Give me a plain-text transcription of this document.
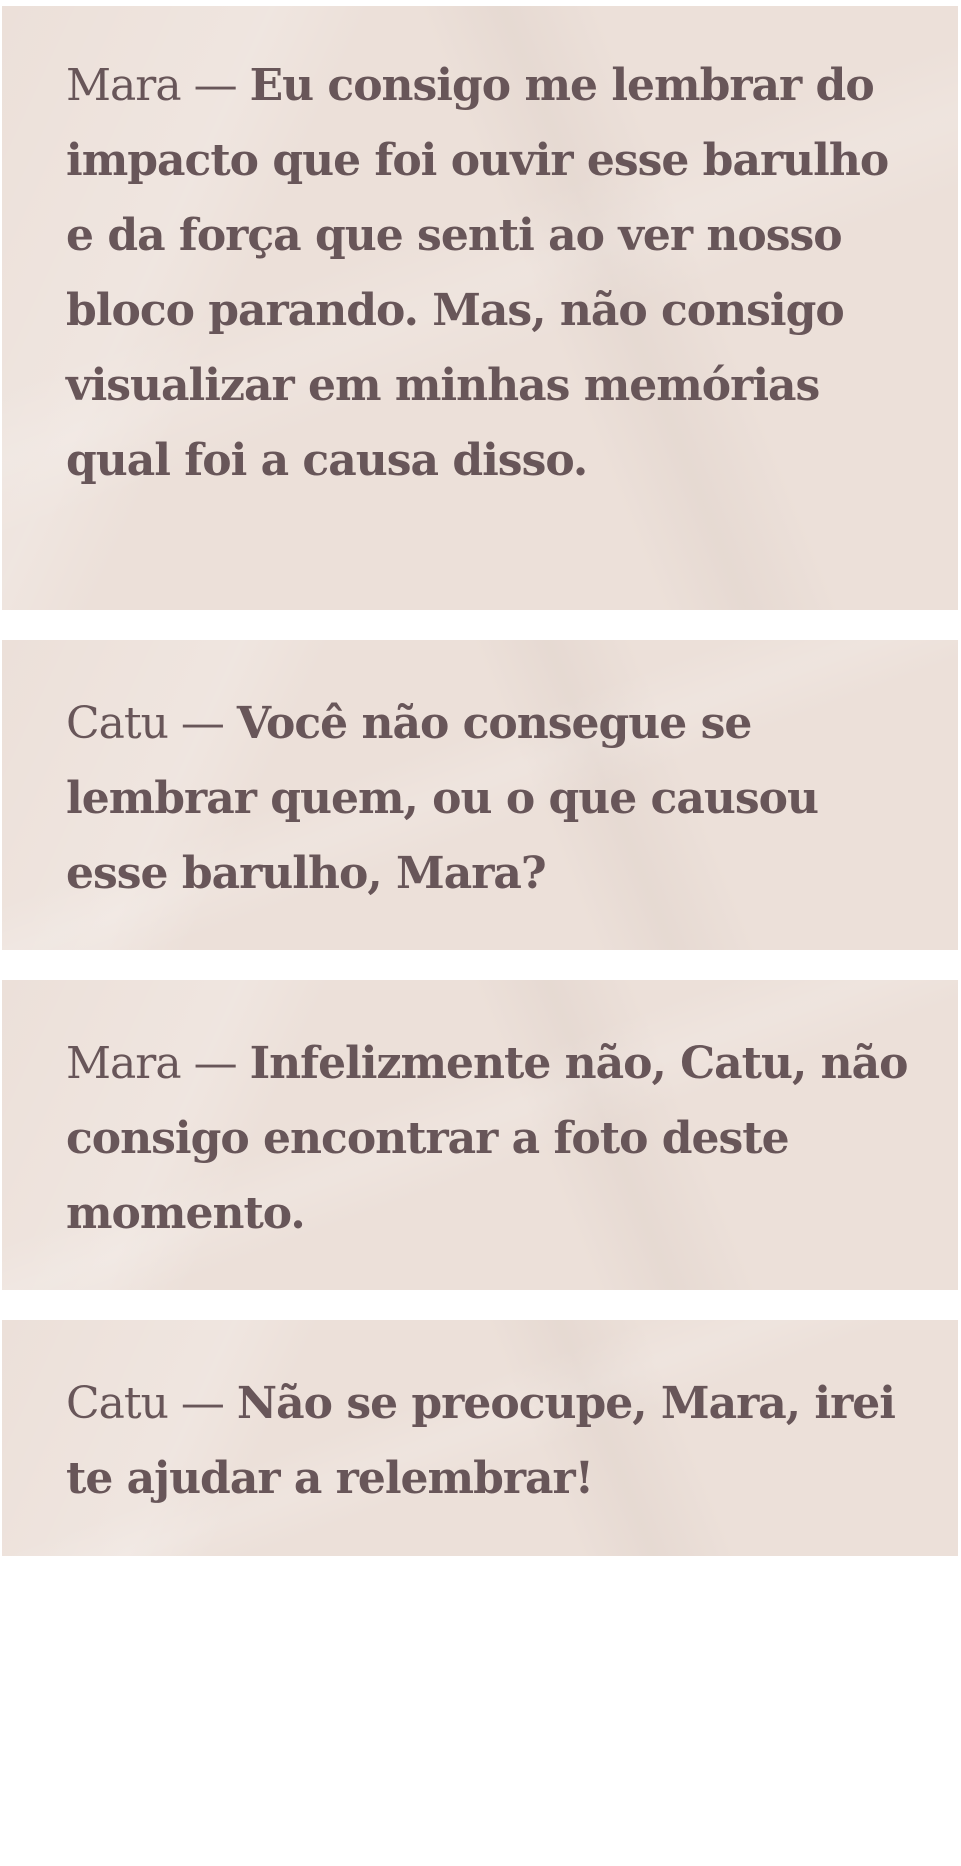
Mara — Eu consigo me lembrar do impacto que foi ouvir esse barulho e da força que senti ao ver nosso bloco parando. Mas, não consigo visualizar em minhas memórias qual foi a causa disso.

Catu — Você não consegue se lembrar quem, ou o que causou esse barulho, Mara?

Mara — Infelizmente não, Catu, não consigo encontrar a foto deste momento.

Catu — Não se preocupe, Mara, irei te ajudar a relembrar!
